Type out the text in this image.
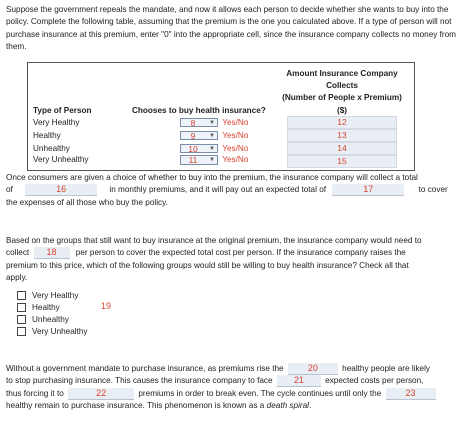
Suppose the government repeals the mandate, and now it allows each person to decide whether she wants to buy into the policy. Complete the following table, assuming that the premium is the one you calculated above. If a type of person will not purchase insurance at this premium, enter "0" into the appropriate cell, since the insurance company collects no money from them.

		Amount Insurance Company Collects
(Number of People x Premium)

Type of Person	Chooses to buy health insurance?	($)
Very Healthy	8 ▼ Yes/No	12
Healthy	9 ▼ Yes/No	13
Unhealthy	10 ▼ Yes/No	14
Very Unhealthy	11 ▼ Yes/No	15
Once consumers are given a choice of whether to buy into the premium, the insurance company will collect a total
of	16	in monthly premiums, and it will pay out an expected total of	17	to cover
the expenses of all those who buy the policy.
Based on the groups that still want to buy insurance at the original premium, the insurance company would need to
collect 18 per person to cover the expected total cost per person. If the insurance company raises the
premium to this price, which of the following groups would still be willing to buy health insurance? Check all that
apply.
Very Healthy
Healthy
Unhealthy
Very Unhealthy
19
Without a government mandate to purchase insurance, as premiums rise the	20	healthy people are likely
to stop purchasing insurance. This causes the insurance company to face 21	expected costs per person,
thus forcing it to	22	premiums in order to break even. The cycle continues until only the	23
healthy remain to purchase insurance. This phenomenon is known as a death spiral.
